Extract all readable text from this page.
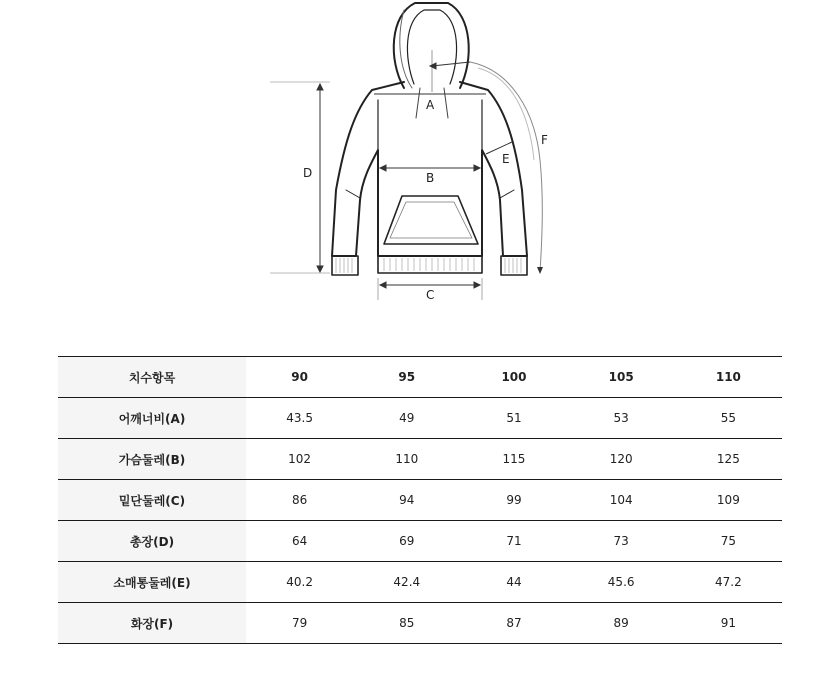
A
B
C
D
E
F
치수항목	90	95	100	105	110
어깨너비(A)	43.5	49	51	53	55
가슴둘레(B)	102	110	115	120	125
밑단둘레(C)	86	94	99	104	109
총장(D)	64	69	71	73	75
소매통둘레(E)	40.2	42.4	44	45.6	47.2
화장(F)	79	85	87	89	91
